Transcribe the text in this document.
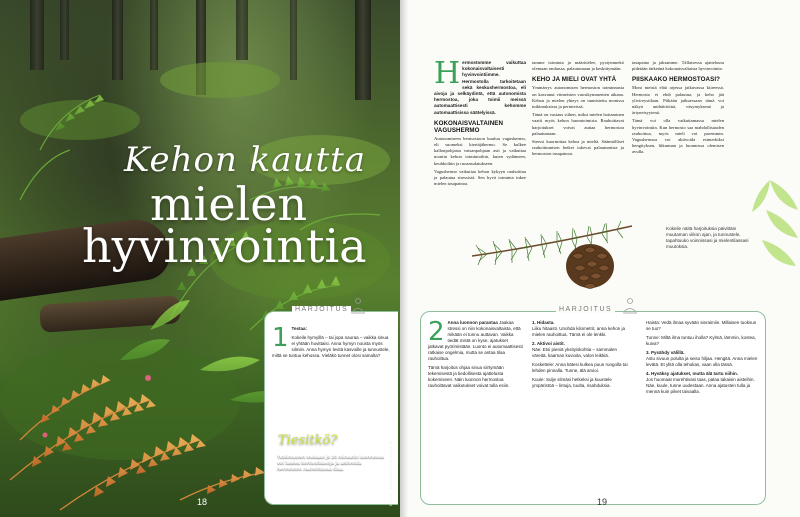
Kehon kautta
mielen
hyvinvointia
HARJOITUS
1 Testaa:

Kokeile hymyillä – tai jopa nauraa – vaikka sinua ei yhtään huvittaisi. Anna hymyn nousta myös silmiin. Anna hymyn levitä kasvoille ja tunnustele, miltä se tuntuu kehossa. Vieläkö tunnet olosi samalta?

Tiesitkö?
Tutkimusten mukaan jo 20 minuutin luonnossa voi laskea kortisolitasoja ja aktivoida hermoston rauhoittavaa tilaa.	KUVAT: ADOBESTOCK/ANETTE
18

Hermostomme vaikuttaa kokonaisvaltaisesti hyvinvointiimme. Hermostolla tarkoitetaan sekä keskushermostoa, eli aivoja ja selkäydintä, että autonomista hermostoa, joka toimii meissä automaattisesti kehomme automaattisissa säätelyissä.

KOKONAISVALTAINEN VAGUSHERMO

Autonomiseen hermostoon kuuluu vagushermo, eli suomeksi kiertäjähermo. Se kulkee kallonpohjasta vatsanpohjaan asti ja vaikuttaa moniin kehon toimintoihin, kuten sydämeen, keuhkoihin ja ruoansulatukseen.

Vagushermo vaikuttaa kehon kykyyn rauhoittua ja palautua stressistä. Sen hyvä toiminta tukee mielen tasapainoa.

tamme toiminta ja määrittelee, pystymmekö olemaan rauhassa, palautumaan ja keskittymään.

KEHO JA MIELI OVAT YHTÄ

Ymmärrys autonomisen hermoston toiminnasta on kasvanut viimeisten vuosikymmenten aikana. Kehon ja mielen yhteys on tunnistettu monissa tutkimuksissa ja perinteissä.

Tämä on vastaus siihen, miksi mielen hoitaminen vaatii myös kehon huomioimista. Rauhoittavat harjoitukset voivat auttaa hermostoa palautumaan.

Stressi kuormittaa kehoa ja mieltä. Säännölliset rauhoittumisen hetket tukevat palautumista ja hermoston tasapainoa.

tasapaino ja jaksamme. Tällaisessa ajattelussa pidetään tärkeänä kokonaisvaltaista hyvinvointia.

PIISKAAKO HERMOSTOASI?

Moni meistä elää arjessa jatkuvassa kiireessä. Hermosto ei ehdi palautua, ja keho jää ylivireystilaan. Pitkään jatkuessaan tämä voi näkyä unihäiriöinä, väsymyksenä ja ärtyneisyytenä.

Tämä voi olla vaikuttamassa mielen hyvinvointiin. Kun hermosto saa mahdollisuuden rauhoittua, myös mieli voi paremmin. Vagushermoa voi aktivoida esimerkiksi hengityksen, liikunnan ja luonnossa olemisen avulla.

Kokeile näitä harjoituksia päivittäin muutaman viikon ajan, ja tunnustele, tapahtuuko voinnissasi ja mielentilassasi muutoksia.
HARJOITUS
2 Anna luonnon parantaa Jaakaa stressi on niin kokonaisvaltaista, että mikään ei tunnu auttavan. Vaikka tiedät mistä on kyse, ajatukset jatkavat pyörimistään. Luonto ei automaattisesti ratkaise ongelmia, mutta se antaa tilaa rauhoittua.

Tämä harjoitus ohjaa sinua siirtymään tekemisestä ja tiedollisesta ajattelusta kokemiseen. Näin luonnon hermostoa rauhoittavat vaikutukset voivat tulla esiin.

1. Hidasta.
Liiku hitaasti. Unohda kilometrit, anna kehon ja mielen rauhoittua. Tämä ei ole lenkki.

2. Aktivoi aistit.
Näe: Etsi pieniä yksityiskohtia – sammalen väreitä, kaarnan kuvioita, valon leikkiä.

Koskettele: Anna kätesi kulkea puun rungolla tai lehden pinnalla. Tunne, älä arvioi.

Kuule: Sulje silmäsi hetkeksi ja kuuntele ympäristöä – lintuja, tuulta, risahduksia.

Haista: Vedä ilmaa syvään sieraimiin. Millaisen tuoksun se tuo?

Tunne: Miltä ilma tuntuu iholla? Kylmä, lämmin, kostea, kuiva?

3. Pysähdy välillä.
Astu sivuun polulta ja seiso hiljaa. Hengitä. Anna mielen levätä. Et ylitä olla tehokas, vaan olla tässä.

4. Hyväksy ajatukset, mutta älä tartu niihin.
Jos huomaat murehtivasi taas, palaa takaisin aisteihin. Näe, kuule, tunne uudestaan. Anna ajatusten tulla ja mennä kuin pilvet taivaalla.

19
